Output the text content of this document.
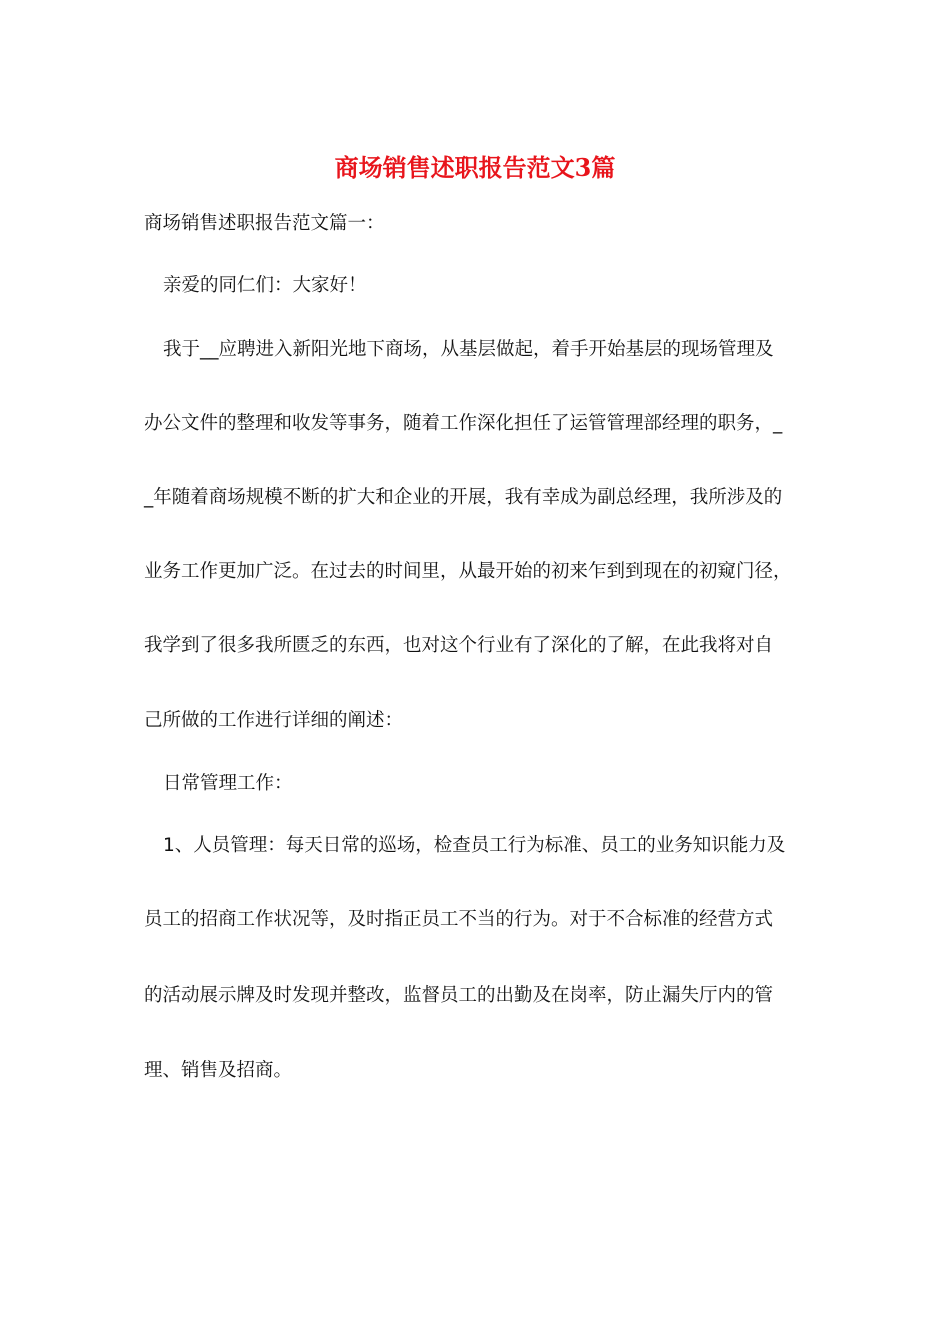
商场销售述职报告范文3篇
商场销售述职报告范文篇一：
亲爱的同仁们：大家好！
我于__应聘进入新阳光地下商场，从基层做起，着手开始基层的现场管理及
办公文件的整理和收发等事务，随着工作深化担任了运管管理部经理的职务，_
_年随着商场规模不断的扩大和企业的开展，我有幸成为副总经理，我所涉及的
业务工作更加广泛。在过去的时间里，从最开始的初来乍到到现在的初窥门径，
我学到了很多我所匮乏的东西，也对这个行业有了深化的了解，在此我将对自
己所做的工作进行详细的阐述：
日常管理工作：
1、人员管理：每天日常的巡场，检查员工行为标准、员工的业务知识能力及
员工的招商工作状况等，及时指正员工不当的行为。对于不合标准的经营方式
的活动展示牌及时发现并整改，监督员工的出勤及在岗率，防止漏失厅内的管
理、销售及招商。
